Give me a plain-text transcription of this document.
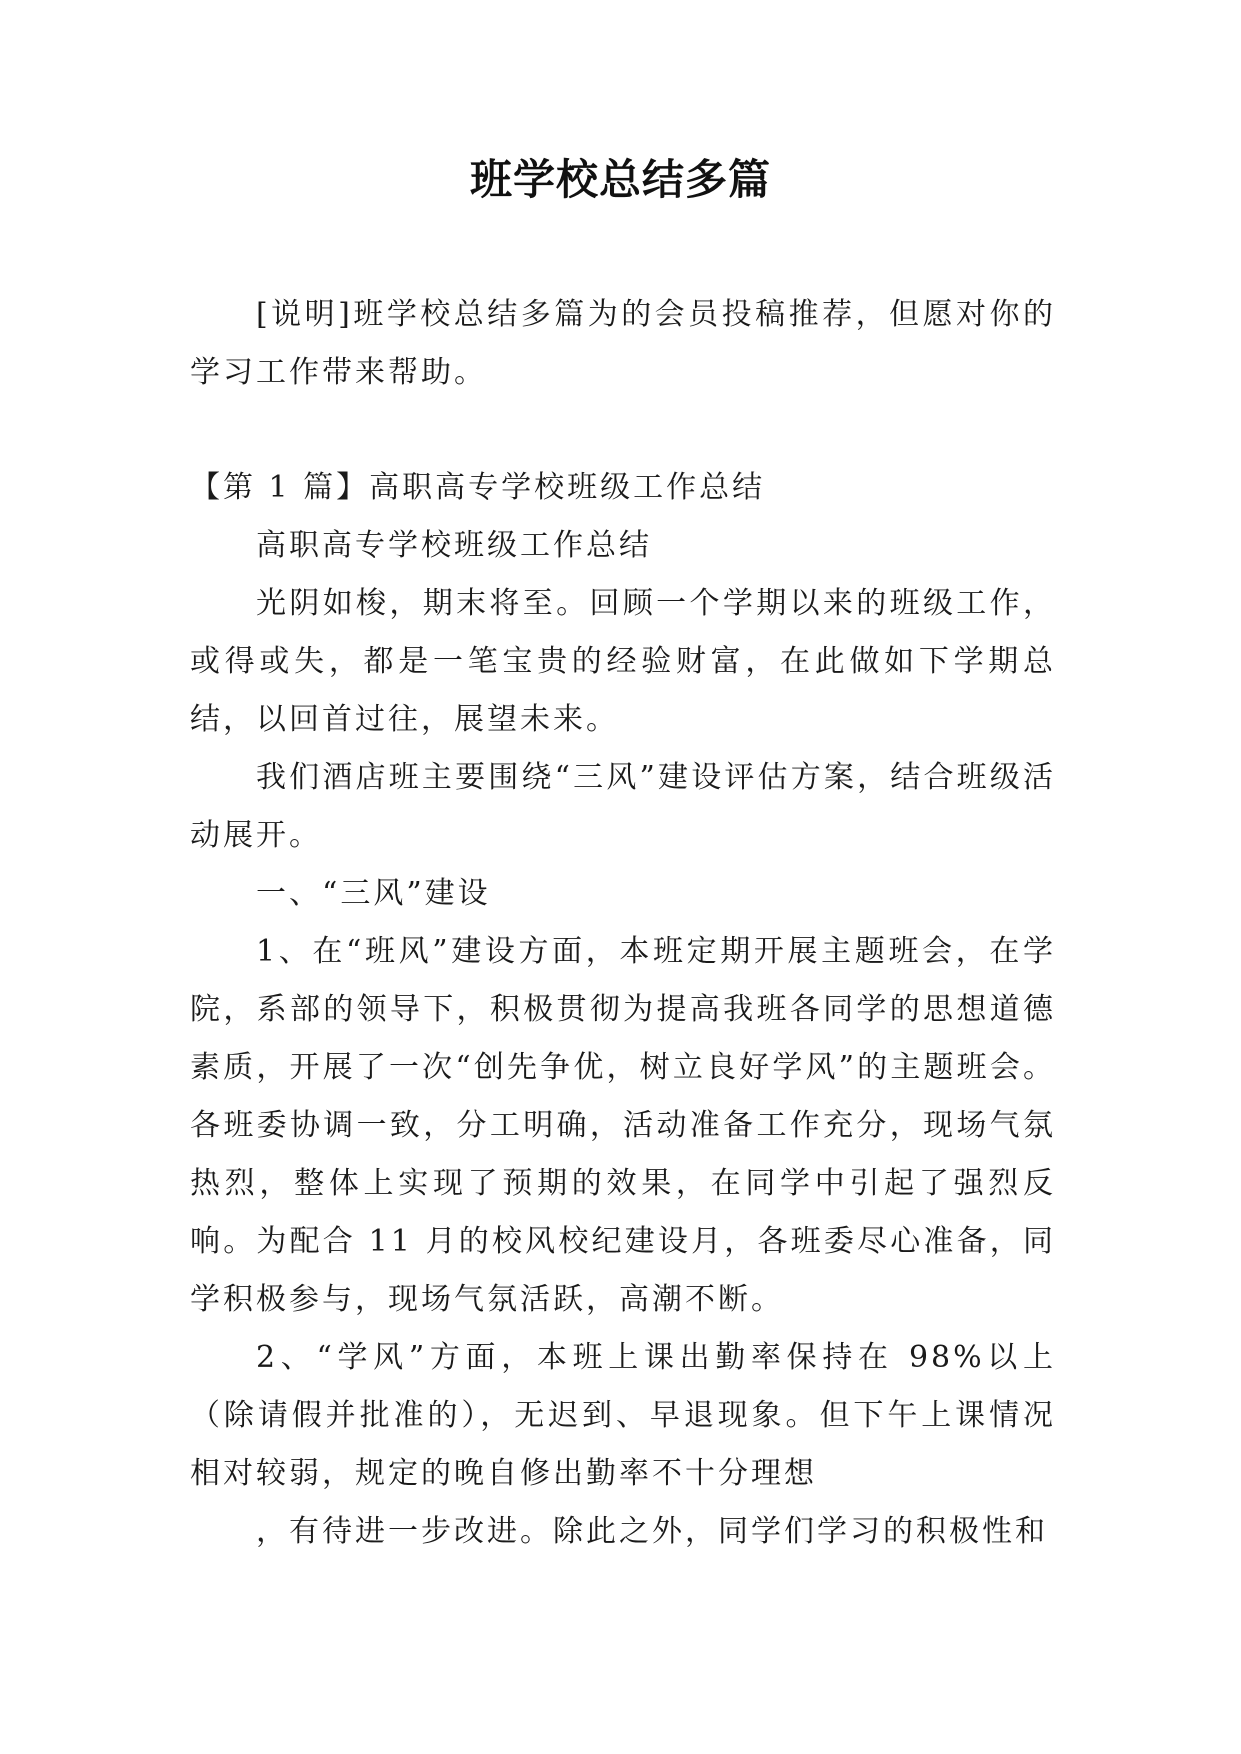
班学校总结多篇

[说明]班学校总结多篇为的会员投稿推荐，但愿对你的学习工作带来帮助。

【第 1 篇】高职高专学校班级工作总结

高职高专学校班级工作总结

光阴如梭，期末将至。回顾一个学期以来的班级工作，或得或失，都是一笔宝贵的经验财富，在此做如下学期总结，以回首过往，展望未来。

我们酒店班主要围绕“三风”建设评估方案，结合班级活动展开。

一、“三风”建设

1、在“班风”建设方面，本班定期开展主题班会，在学院，系部的领导下，积极贯彻为提高我班各同学的思想道德素质，开展了一次“创先争优，树立良好学风”的主题班会。各班委协调一致，分工明确，活动准备工作充分，现场气氛热烈，整体上实现了预期的效果，在同学中引起了强烈反响。为配合 11 月的校风校纪建设月，各班委尽心准备，同学积极参与，现场气氛活跃，高潮不断。

2、“学风”方面，本班上课出勤率保持在 98%以上（除请假并批准的），无迟到、早退现象。但下午上课情况相对较弱，规定的晚自修出勤率不十分理想

，有待进一步改进。除此之外，同学们学习的积极性和
